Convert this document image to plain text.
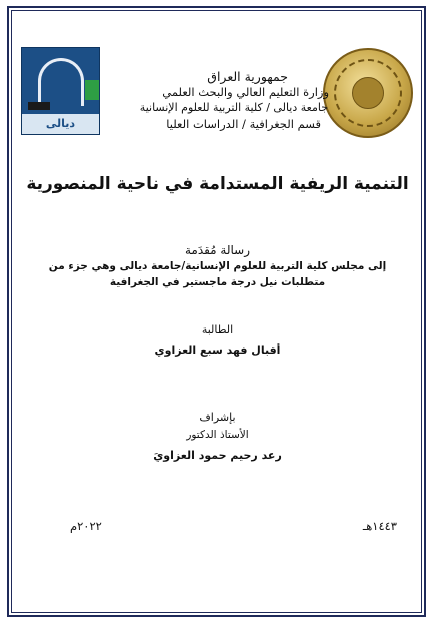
ديالى
جمهورية العراق
وزارة التعليم العالي والبحث العلمي
جامعة ديالى / كلية التربية للعلوم الإنسانية
قسم الجغرافية / الدراسات العليا
التنمية الريفية المستدامة في ناحية المنصورية
رسالة مُقدَمة
إلى مجلس كلية التربية للعلوم الإنسانية/جامعة ديالى وهي جزء من
متطلبات نيل درجة ماجستير في الجغرافية
الطالبة
أقبال فهد سبع العزاوي
بإشراف
الأستاذ الدكتور
رعد رحيم حمود العزاويَ
١٤٤٣هـ
٢٠٢٢م
